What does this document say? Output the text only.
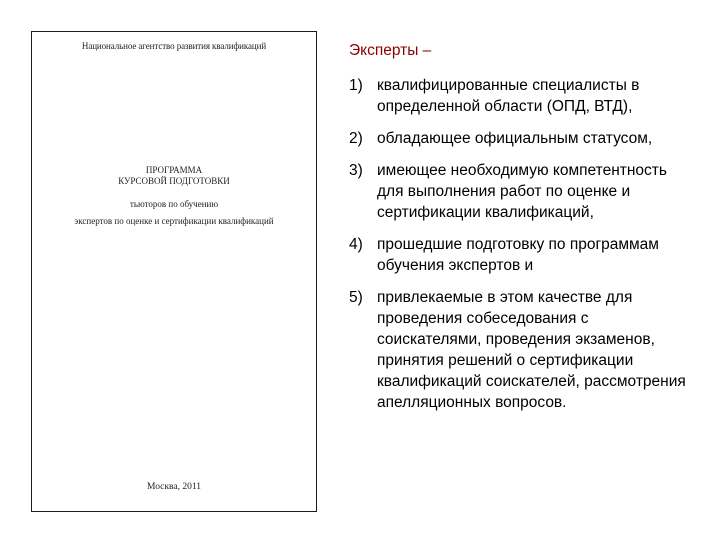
Национальное агентство развития квалификаций
ПРОГРАММА
КУРСОВОЙ ПОДГОТОВКИ
тьюторов по обучению
экспертов по оценке и сертификации квалификаций
Москва, 2011
Эксперты –
1) квалифицированные специалисты в определенной области (ОПД, ВТД),
2) обладающее официальным статусом,
3) имеющее необходимую компетентность для выполнения работ по оценке и сертификации квалификаций,
4) прошедшие подготовку по программам обучения экспертов и
5) привлекаемые в этом качестве для проведения собеседования с соискателями, проведения экзаменов, принятия решений о сертификации квалификаций соискателей, рассмотрения апелляционных вопросов.
